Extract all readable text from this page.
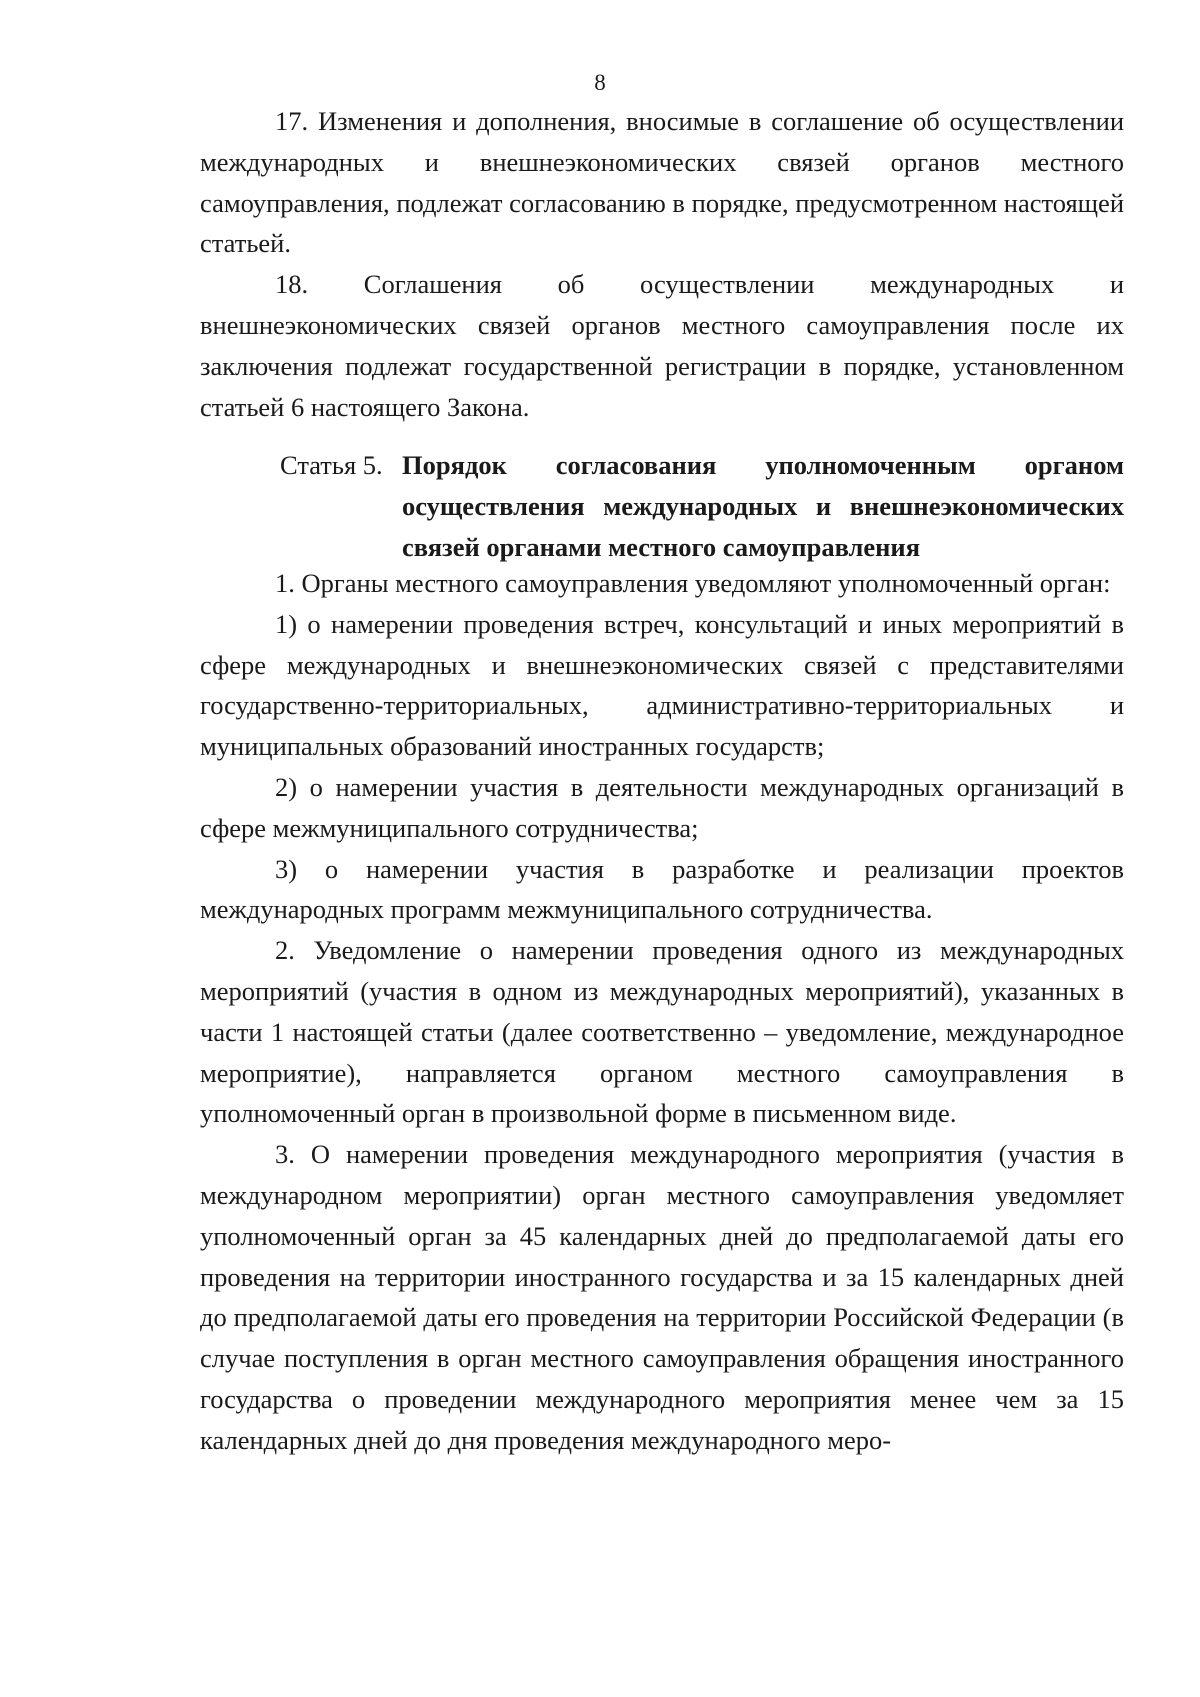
8

17. Изменения и дополнения, вносимые в соглашение об осуществлении международных и внешнеэкономических связей органов местного самоуправления, подлежат согласованию в порядке, предусмотренном настоящей статьей.

18. Соглашения об осуществлении международных и внешнеэкономических связей органов местного самоуправления после их заключения подлежат государственной регистрации в порядке, установленном статьей 6 настоящего Закона.

Статья 5. Порядок согласования уполномоченным органом осуществления международных и внешнеэкономических связей органами местного самоуправления

1. Органы местного самоуправления уведомляют уполномоченный орган:

1) о намерении проведения встреч, консультаций и иных мероприятий в сфере международных и внешнеэкономических связей с представителями государственно-территориальных, административно-территориальных и муниципальных образований иностранных государств;

2) о намерении участия в деятельности международных организаций в сфере межмуниципального сотрудничества;

3) о намерении участия в разработке и реализации проектов международных программ межмуниципального сотрудничества.

2. Уведомление о намерении проведения одного из международных мероприятий (участия в одном из международных мероприятий), указанных в части 1 настоящей статьи (далее соответственно – уведомление, международное мероприятие), направляется органом местного самоуправления в уполномоченный орган в произвольной форме в письменном виде.

3. О намерении проведения международного мероприятия (участия в международном мероприятии) орган местного самоуправления уведомляет уполномоченный орган за 45 календарных дней до предполагаемой даты его проведения на территории иностранного государства и за 15 календарных дней до предполагаемой даты его проведения на территории Российской Федерации (в случае поступления в орган местного самоуправления обращения иностранного государства о проведении международного мероприятия менее чем за 15 календарных дней до дня проведения международного меро-
